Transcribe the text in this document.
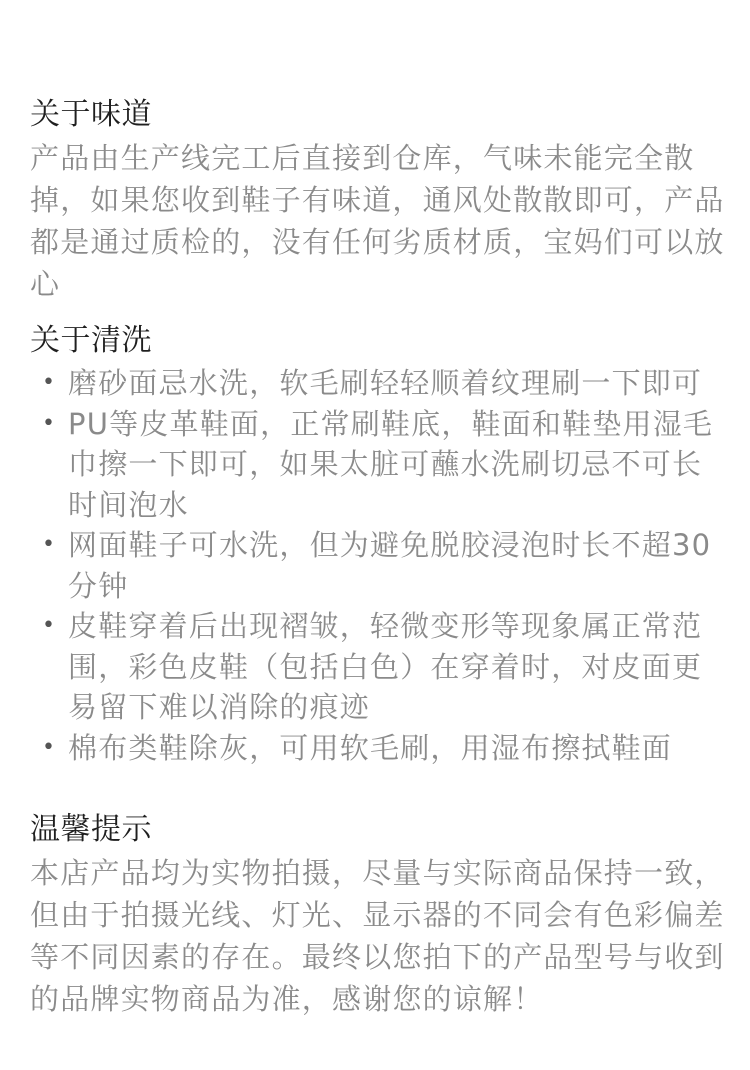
关于味道

产品由生产线完工后直接到仓库，气味未能完全散掉，如果您收到鞋子有味道，通风处散散即可，产品都是通过质检的，没有任何劣质材质，宝妈们可以放心

关于清洗
• 磨砂面忌水洗，软毛刷轻轻顺着纹理刷一下即可
• PU等皮革鞋面，正常刷鞋底，鞋面和鞋垫用湿毛巾擦一下即可，如果太脏可蘸水洗刷切忌不可长时间泡水
• 网面鞋子可水洗，但为避免脱胶浸泡时长不超30分钟
• 皮鞋穿着后出现褶皱，轻微变形等现象属正常范围，彩色皮鞋（包括白色）在穿着时，对皮面更易留下难以消除的痕迹
• 棉布类鞋除灰，可用软毛刷，用湿布擦拭鞋面
温馨提示

本店产品均为实物拍摄，尽量与实际商品保持一致，但由于拍摄光线、灯光、显示器的不同会有色彩偏差等不同因素的存在。最终以您拍下的产品型号与收到的品牌实物商品为准，感谢您的谅解！
